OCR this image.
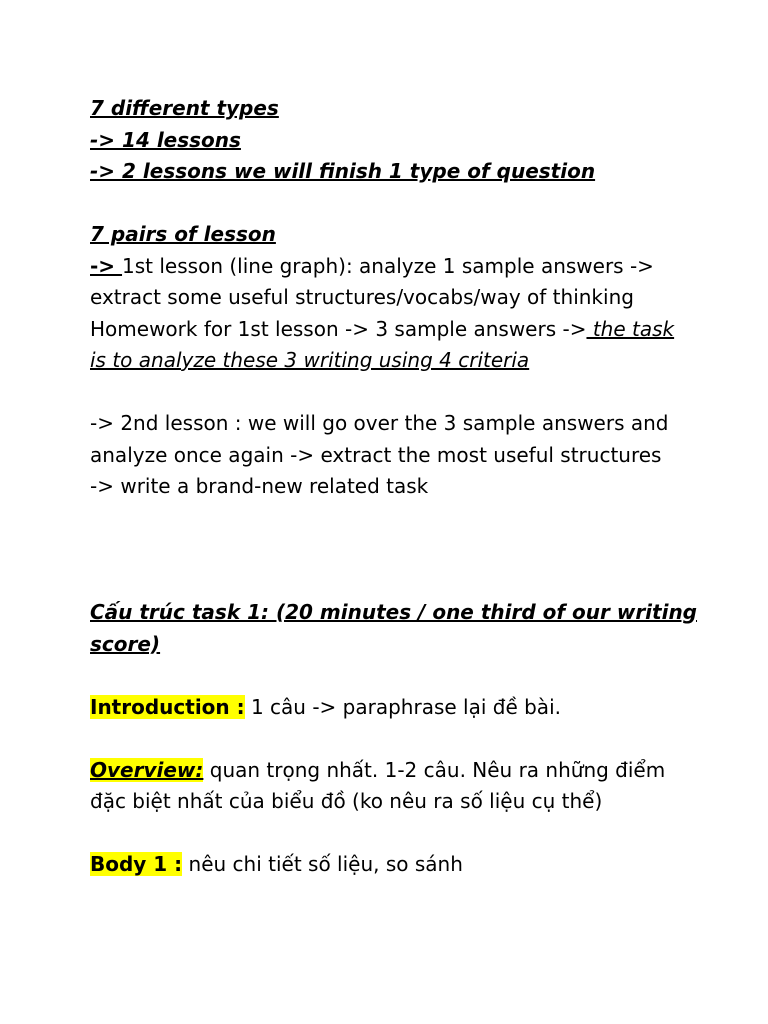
7 different types
-> 14 lessons
-> 2 lessons we will finish 1 type of question
7 pairs of lesson
-> 1st lesson (line graph): analyze 1 sample answers ->
extract some useful structures/vocabs/way of thinking
Homework for 1st lesson -> 3 sample answers -> the task
is to analyze these 3 writing using 4 criteria
-> 2nd lesson : we will go over the 3 sample answers and
analyze once again -> extract the most useful structures
-> write a brand-new related task
Cấu trúc task 1: (20 minutes / one third of our writing
score)
Introduction : 1 câu -> paraphrase lại đề bài.
Overview: quan trọng nhất. 1-2 câu. Nêu ra những điểm
đặc biệt nhất của biểu đồ (ko nêu ra số liệu cụ thể)
Body 1 : nêu chi tiết số liệu, so sánh
